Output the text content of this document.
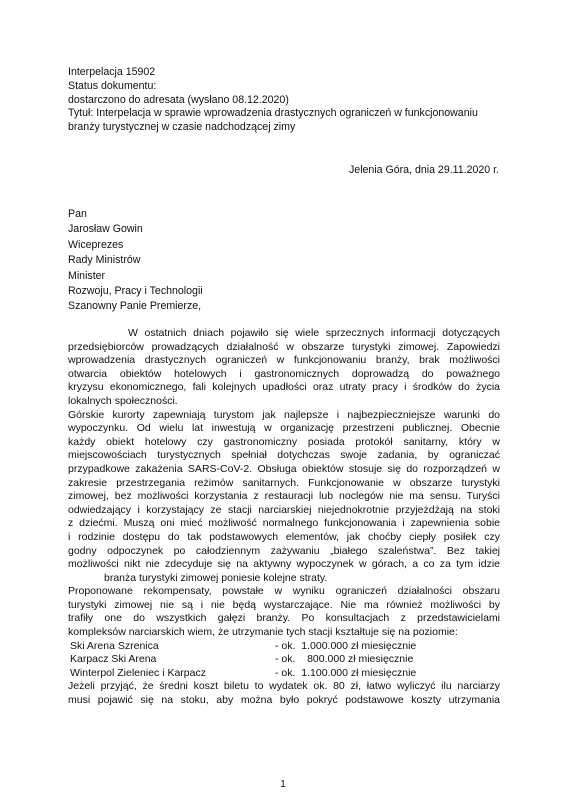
Interpelacja 15902
Status dokumentu:
dostarczono do adresata (wysłano 08.12.2020)
Tytuł: Interpelacja w sprawie wprowadzenia drastycznych ograniczeń w funkcjonowaniu
branży turystycznej w czasie nadchodzącej zimy
Jelenia Góra, dnia 29.11.2020 r.
Pan
Jarosław Gowin
Wiceprezes
Rady Ministrów
Minister
Rozwoju, Pracy i Technologii
Szanowny Panie Premierze,

W ostatnich dniach pojawiło się wiele sprzecznych informacji dotyczących

przedsiębiorców prowadzących działalność w obszarze turystyki zimowej. Zapowiedzi

wprowadzenia drastycznych ograniczeń w funkcjonowaniu branży, brak możliwości

otwarcia obiektów hotelowych i gastronomicznych doprowadzą do poważnego

kryzysu ekonomicznego, fali kolejnych upadłości oraz utraty pracy i środków do życia

lokalnych społeczności.

Górskie kurorty zapewniają turystom jak najlepsze i najbezpieczniejsze warunki do

wypoczynku. Od wielu lat inwestują w organizację przestrzeni publicznej. Obecnie

każdy obiekt hotelowy czy gastronomiczny posiada protokół sanitarny, który w

miejscowościach turystycznych spełniał dotychczas swoje zadania, by ograniczać

przypadkowe zakażenia SARS-CoV-2. Obsługa obiektów stosuje się do rozporządzeń w

zakresie przestrzegania reżimów sanitarnych. Funkcjonowanie w obszarze turystyki

zimowej, bez możliwości korzystania z restauracji lub noclegów nie ma sensu. Turyści

odwiedzający i korzystający ze stacji narciarskiej niejednokrotnie przyjeżdżają na stoki

z dziećmi. Muszą oni mieć możliwość normalnego funkcjonowania i zapewnienia sobie

i rodzinie dostępu do tak podstawowych elementów, jak choćby ciepły posiłek czy

godny odpoczynek po całodziennym zażywaniu „białego szaleństwa”. Bez takiej

możliwości nikt nie zdecyduje się na aktywny wypoczynek w górach, a co za tym idzie

branża turystyki zimowej poniesie kolejne straty.

Proponowane rekompensaty, powstałe w wyniku ograniczeń działalności obszaru

turystyki zimowej nie są i nie będą wystarczające. Nie ma również możliwości by

trafiły one do wszystkich gałęzi branży. Po konsultacjach z przedstawicielami

kompleksów narciarskich wiem, że utrzymanie tych stacji kształtuje się na poziomie:

Ski Arena Szrenica	- ok.  1.000.000 zł miesięcznie
Karpacz Ski Arena	- ok.    800.000 zł miesięcznie
Winterpol Zieleniec i Karpacz	- ok.  1.100.000 zł miesięcznie

Jeżeli przyjąć, że średni koszt biletu to wydatek ok. 80 zł, łatwo wyliczyć ilu narciarzy

musi pojawić się na stoku, aby można było pokryć podstawowe koszty utrzymania

1
